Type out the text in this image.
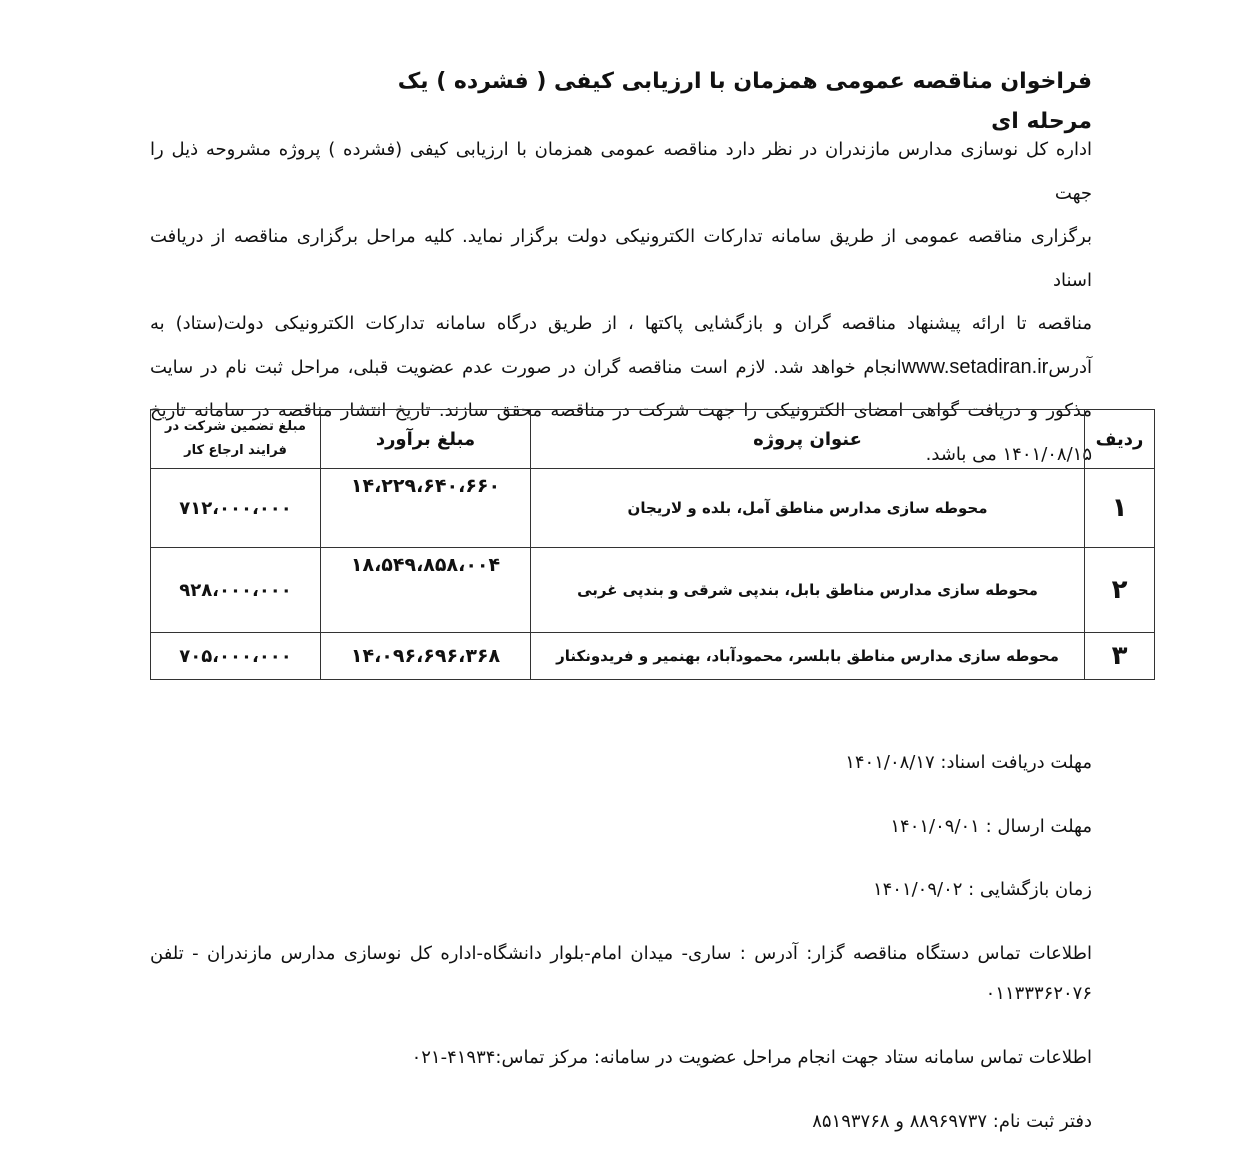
فراخوان مناقصه عمومی همزمان با ارزیابی کیفی ( فشرده ) یک مرحله ای

اداره کل نوسازی مدارس مازندران در نظر دارد مناقصه عمومی همزمان با ارزیابی کیفی (فشرده ) پروژه مشروحه ذیل را جهت
برگزاری مناقصه عمومی از طریق سامانه تدارکات الکترونیکی دولت برگزار نماید. کلیه مراحل برگزاری مناقصه از دریافت اسناد
مناقصه تا ارائه پیشنهاد مناقصه گران و بازگشایی پاکتها ، از طریق درگاه سامانه تدارکات الکترونیکی دولت(ستاد) به
آدرسwww.setadiran.irانجام خواهد شد. لازم است مناقصه گران در صورت عدم عضویت قبلی، مراحل ثبت نام در سایت
مذکور و دریافت گواهی امضای الکترونیکی را جهت شرکت در مناقصه محقق سازند. تاریخ انتشار مناقصه در سامانه تاریخ
۱۴۰۱/۰۸/۱۵ می باشد.

ردیف	عنوان پروژه	مبلغ برآورد	مبلغ تضمین شرکت در فرایند ارجاع کار
۱	محوطه سازی مدارس مناطق آمل، بلده و لاریجان	۱۴،۲۲۹،۶۴۰،۶۶۰	۷۱۲،۰۰۰،۰۰۰
۲	محوطه سازی مدارس مناطق بابل، بندپی شرقی و بندپی غربی	۱۸،۵۴۹،۸۵۸،۰۰۴	۹۲۸،۰۰۰،۰۰۰
۳	محوطه سازی مدارس مناطق بابلسر، محمودآباد، بهنمیر و فریدونکنار	۱۴،۰۹۶،۶۹۶،۳۶۸	۷۰۵،۰۰۰،۰۰۰

مهلت دریافت اسناد: ۱۴۰۱/۰۸/۱۷

مهلت ارسال : ۱۴۰۱/۰۹/۰۱

زمان بازگشایی : ۱۴۰۱/۰۹/۰۲

اطلاعات تماس دستگاه مناقصه گزار: آدرس : ساری- میدان امام-بلوار دانشگاه-اداره کل نوسازی مدارس مازندران - تلفن ۰۱۱۳۳۳۶۲۰۷۶

اطلاعات تماس سامانه ستاد جهت انجام مراحل عضویت در سامانه: مرکز تماس:۴۱۹۳۴-۰۲۱

دفتر ثبت نام: ۸۸۹۶۹۷۳۷ و ۸۵۱۹۳۷۶۸
